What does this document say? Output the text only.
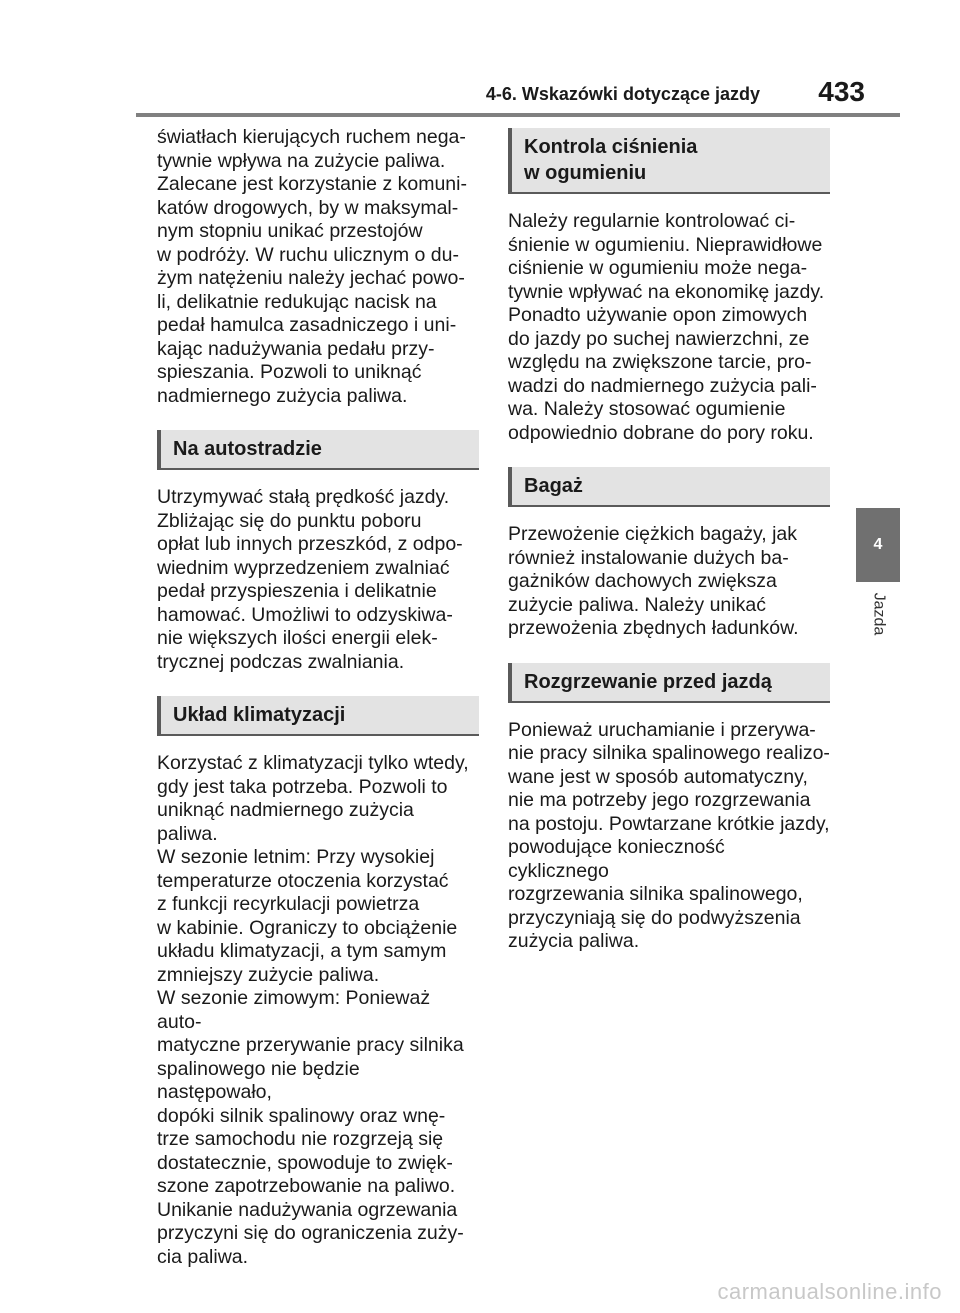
4-6. Wskazówki dotyczące jazdy	433
4
Jazda

światłach kierujących ruchem nega-
tywnie wpływa na zużycie paliwa.
Zalecane jest korzystanie z komuni-
katów drogowych, by w maksymal-
nym stopniu unikać przestojów
w podróży. W ruchu ulicznym o du-
żym natężeniu należy jechać powo-
li, delikatnie redukując nacisk na
pedał hamulca zasadniczego i uni-
kając nadużywania pedału przy-
spieszania. Pozwoli to uniknąć
nadmiernego zużycia paliwa.

Na autostradzie

Utrzymywać stałą prędkość jazdy.
Zbliżając się do punktu poboru
opłat lub innych przeszkód, z odpo-
wiednim wyprzedzeniem zwalniać
pedał przyspieszenia i delikatnie
hamować. Umożliwi to odzyskiwa-
nie większych ilości energii elek-
trycznej podczas zwalniania.

Układ klimatyzacji

Korzystać z klimatyzacji tylko wtedy,
gdy jest taka potrzeba. Pozwoli to
uniknąć nadmiernego zużycia paliwa.
W sezonie letnim: Przy wysokiej
temperaturze otoczenia korzystać
z funkcji recyrkulacji powietrza
w kabinie. Ograniczy to obciążenie
układu klimatyzacji, a tym samym
zmniejszy zużycie paliwa.
W sezonie zimowym: Ponieważ auto-
matyczne przerywanie pracy silnika
spalinowego nie będzie następowało,
dopóki silnik spalinowy oraz wnę-
trze samochodu nie rozgrzeją się
dostatecznie, spowoduje to zwięk-
szone zapotrzebowanie na paliwo.
Unikanie nadużywania ogrzewania
przyczyni się do ograniczenia zuży-
cia paliwa.

Kontrola ciśnienia
w ogumieniu

Należy regularnie kontrolować ci-
śnienie w ogumieniu. Nieprawidłowe
ciśnienie w ogumieniu może nega-
tywnie wpływać na ekonomikę jazdy.
Ponadto używanie opon zimowych
do jazdy po suchej nawierzchni, ze
względu na zwiększone tarcie, pro-
wadzi do nadmiernego zużycia pali-
wa. Należy stosować ogumienie
odpowiednio dobrane do pory roku.

Bagaż

Przewożenie ciężkich bagaży, jak
również instalowanie dużych ba-
gażników dachowych zwiększa
zużycie paliwa. Należy unikać
przewożenia zbędnych ładunków.

Rozgrzewanie przed jazdą

Ponieważ uruchamianie i przerywa-
nie pracy silnika spalinowego realizo-
wane jest w sposób automatyczny,
nie ma potrzeby jego rozgrzewania
na postoju. Powtarzane krótkie jazdy,
powodujące konieczność cyklicznego
rozgrzewania silnika spalinowego,
przyczyniają się do podwyższenia
zużycia paliwa.

carmanualsonline.info
